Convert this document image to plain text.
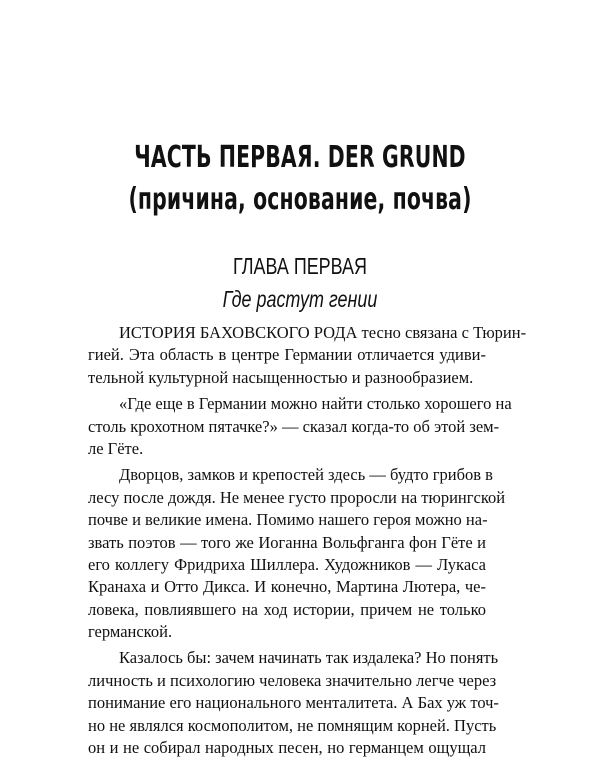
ЧАСТЬ ПЕРВАЯ. DER GRUND
(причина, основание, почва)
ГЛАВА ПЕРВАЯ
Где растут гении
ИСТОРИЯ БАХОВСКОГО РОДА тесно связана с Тюрин-
гией. Эта область в центре Германии отличается удиви-
тельной культурной насыщенностью и разнообразием.
«Где еще в Германии можно найти столько хорошего на
столь крохотном пятачке?» — сказал когда-то об этой зем-
ле Гёте.
Дворцов, замков и крепостей здесь — будто грибов в
лесу после дождя. Не менее густо проросли на тюрингской
почве и великие имена. Помимо нашего героя можно на-
звать поэтов — того же Иоганна Вольфганга фон Гёте и
его коллегу Фридриха Шиллера. Художников — Лукаса
Кранаха и Отто Дикса. И конечно, Мартина Лютера, че-
ловека, повлиявшего на ход истории, причем не только
германской.
Казалось бы: зачем начинать так издалека? Но понять
личность и психологию человека значительно легче через
понимание его национального менталитета. А Бах уж точ-
но не являлся космополитом, не помнящим корней. Пусть
он и не собирал народных песен, но германцем ощущал
